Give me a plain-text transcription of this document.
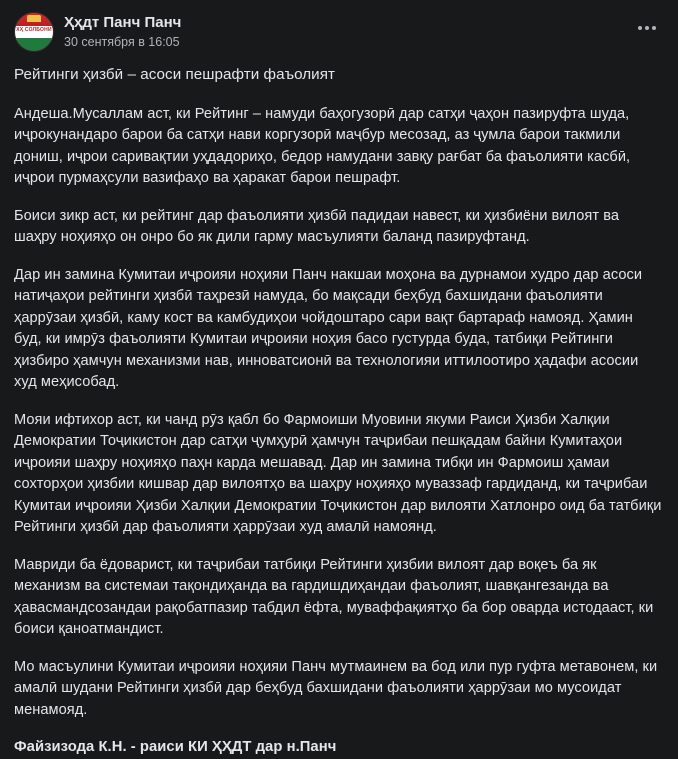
ХҲ СОЛБОНИ Ҳҳдт Панч Панч
30 сентября в 16:05

Рейтинги ҳизбӣ – асоси пешрафти фаъолият

Андеша.Мусаллам аст, ки Рейтинг – намуди баҳогузорӣ дар сатҳи ҷаҳон пазируфта шуда, иҷрокунандаро барои ба сатҳи нави коргузорӣ маҷбур месозад, аз ҷумла барои такмили дониш, иҷрои саривақтии уҳдадориҳо, бедор намудани завқу рағбат ба фаъолияти касбӣ, иҷрои пурмаҳсули вазифаҳо ва ҳаракат барои пешрафт.

Боиси зикр аст, ки рейтинг дар фаъолияти ҳизбӣ падидаи навест, ки ҳизбиёни вилоят ва шаҳру ноҳияҳо он онро бо як дили гарму масъулияти баланд пазируфтанд.

Дар ин замина Кумитаи иҷроияи ноҳияи Панч накшаи моҳона ва дурнамои худро дар асоси натиҷаҳои рейтинги ҳизбӣ таҳрезӣ намуда, бо мақсади беҳбуд бахшидани фаъолияти ҳаррӯзаи ҳизбӣ, каму кост ва камбудиҳои чойдоштаро сари вақт бартараф намояд. Ҳамин буд, ки имрӯз фаъолияти Кумитаи иҷроияи ноҳия басо густурда буда, татбиқи Рейтинги ҳизбиро ҳамчун механизми нав, инноватсионӣ ва технологияи иттилоотиро ҳадафи асосии худ меҳисобад.

Мояи ифтихор аст, ки чанд рӯз қабл бо Фармоиши Муовини якуми Раиси Ҳизби Халқии Демократии Тоҷикистон дар сатҳи ҷумҳурӣ ҳамчун таҷрибаи пешқадам байни Кумитаҳои иҷроияи шаҳру ноҳияҳо паҳн карда мешавад. Дар ин замина тибқи ин Фармоиш ҳамаи сохторҳои ҳизбии кишвар дар вилоятҳо ва шаҳру ноҳияҳо муваззаф гардиданд, ки таҷрибаи Кумитаи иҷроияи Ҳизби Халқии Демократии Тоҷикистон дар вилояти Хатлонро оид ба татбиқи Рейтинги ҳизбӣ дар фаъолияти ҳаррӯзаи худ амалӣ намоянд.

Мавриди ба ёдоварист, ки таҷрибаи татбиқи Рейтинги ҳизбии вилоят дар воқеъ ба як механизм ва системаи тақондиҳанда ва гардишдиҳандаи фаъолият, шавқангезанда ва ҳавасмандсозандаи рақобатпазир табдил ёфта, муваффақиятҳо ба бор оварда истодааст, ки боиси қаноатмандист.

Мо масъулини Кумитаи иҷроияи ноҳияи Панч мутмаинем ва бод или пур гуфта метавонем, ки амалӣ шудани Рейтинги ҳизбӣ дар беҳбуд бахшидани фаъолияти ҳаррӯзаи мо мусоидат менамояд.

Файзизода К.Н. - раиси КИ ҲҲДТ дар н.Панч
